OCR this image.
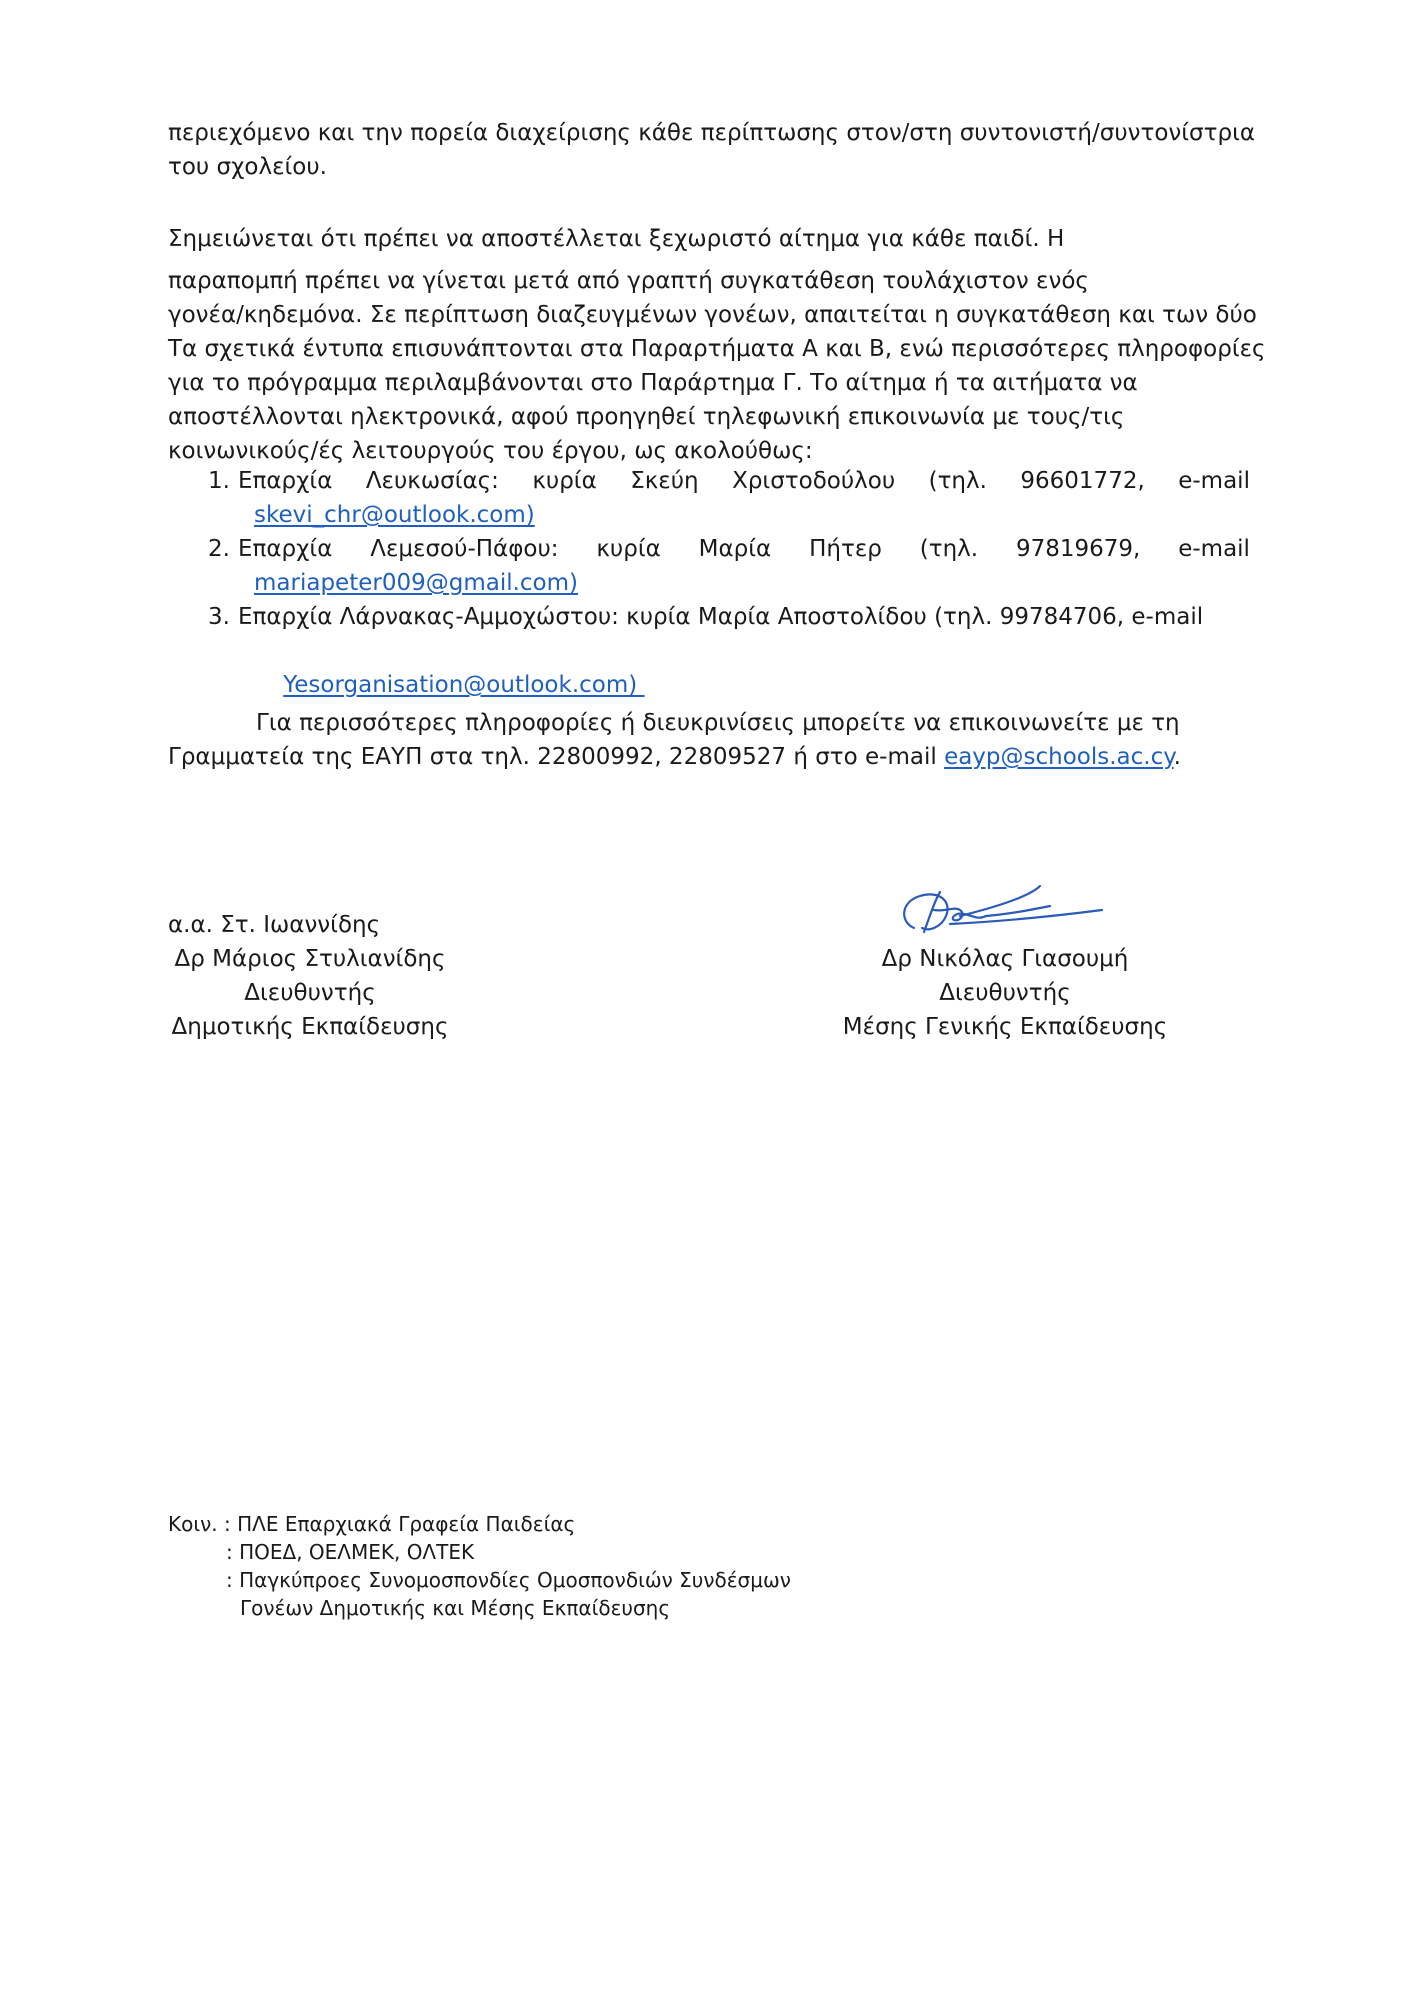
περιεχόμενο και την πορεία διαχείρισης κάθε περίπτωσης στον/στη συντονιστή/συντονίστρια
του σχολείου.
Σημειώνεται ότι πρέπει να αποστέλλεται ξεχωριστό αίτημα για κάθε παιδί. Η
παραπομπή πρέπει να γίνεται μετά από γραπτή συγκατάθεση τουλάχιστον ενός
γονέα/κηδεμόνα. Σε περίπτωση διαζευγμένων γονέων, απαιτείται η συγκατάθεση και των δύο
Τα σχετικά έντυπα επισυνάπτονται στα Παραρτήματα Α και Β, ενώ περισσότερες πληροφορίες
για το πρόγραμμα περιλαμβάνονται στο Παράρτημα Γ. Το αίτημα ή τα αιτήματα να
αποστέλλονται ηλεκτρονικά, αφού προηγηθεί τηλεφωνική επικοινωνία με τους/τις
κοινωνικούς/ές λειτουργούς του έργου, ως ακολούθως:
1. Επαρχία Λευκωσίας: κυρία Σκεύη Χριστοδούλου (τηλ. 96601772, e-mail
skevi_chr@outlook.com)
2. Επαρχία Λεμεσού-Πάφου: κυρία Μαρία Πήτερ (τηλ. 97819679, e-mail
mariapeter009@gmail.com)
3. Επαρχία Λάρνακας-Αμμοχώστου: κυρία Μαρία Αποστολίδου (τηλ. 99784706, e-mail

Yesorganisation@outlook.com)

Για περισσότερες πληροφορίες ή διευκρινίσεις μπορείτε να επικοινωνείτε με τη
Γραμματεία της ΕΑΥΠ στα τηλ. 22800992, 22809527 ή στο e-mail eayp@schools.ac.cy.
α.α. Στ. Ιωαννίδης
Δρ Μάριος Στυλιανίδης
Διευθυντής
Δημοτικής Εκπαίδευσης
Δρ Νικόλας Γιασουμή
Διευθυντής
Μέσης Γενικής Εκπαίδευσης
Κοιν. : ΠΛΕ Επαρχιακά Γραφεία Παιδείας
: ΠΟΕΔ, ΟΕΛΜΕΚ, ΟΛΤΕΚ
: Παγκύπροες Συνομοσπονδίες Ομοσπονδιών Συνδέσμων
Γονέων Δημοτικής και Μέσης Εκπαίδευσης
